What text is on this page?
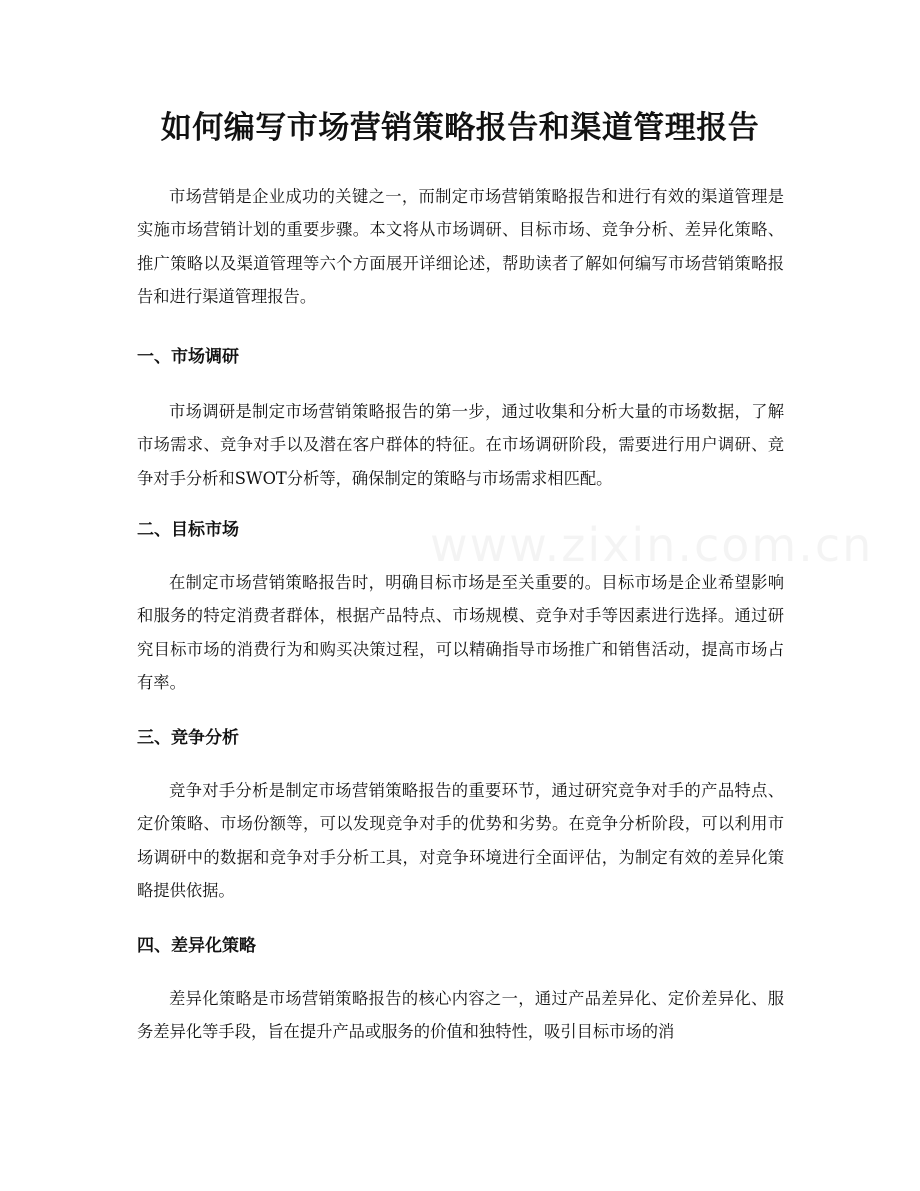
如何编写市场营销策略报告和渠道管理报告

市场营销是企业成功的关键之一，而制定市场营销策略报告和进行有效的渠道管理是实施市场营销计划的重要步骤。本文将从市场调研、目标市场、竞争分析、差异化策略、推广策略以及渠道管理等六个方面展开详细论述，帮助读者了解如何编写市场营销策略报告和进行渠道管理报告。

一、市场调研

市场调研是制定市场营销策略报告的第一步，通过收集和分析大量的市场数据，了解市场需求、竞争对手以及潜在客户群体的特征。在市场调研阶段，需要进行用户调研、竞争对手分析和SWOT分析等，确保制定的策略与市场需求相匹配。

二、目标市场

在制定市场营销策略报告时，明确目标市场是至关重要的。目标市场是企业希望影响和服务的特定消费者群体，根据产品特点、市场规模、竞争对手等因素进行选择。通过研究目标市场的消费行为和购买决策过程，可以精确指导市场推广和销售活动，提高市场占有率。

三、竞争分析

竞争对手分析是制定市场营销策略报告的重要环节，通过研究竞争对手的产品特点、定价策略、市场份额等，可以发现竞争对手的优势和劣势。在竞争分析阶段，可以利用市场调研中的数据和竞争对手分析工具，对竞争环境进行全面评估，为制定有效的差异化策略提供依据。

四、差异化策略

差异化策略是市场营销策略报告的核心内容之一，通过产品差异化、定价差异化、服务差异化等手段，旨在提升产品或服务的价值和独特性，吸引目标市场的消
